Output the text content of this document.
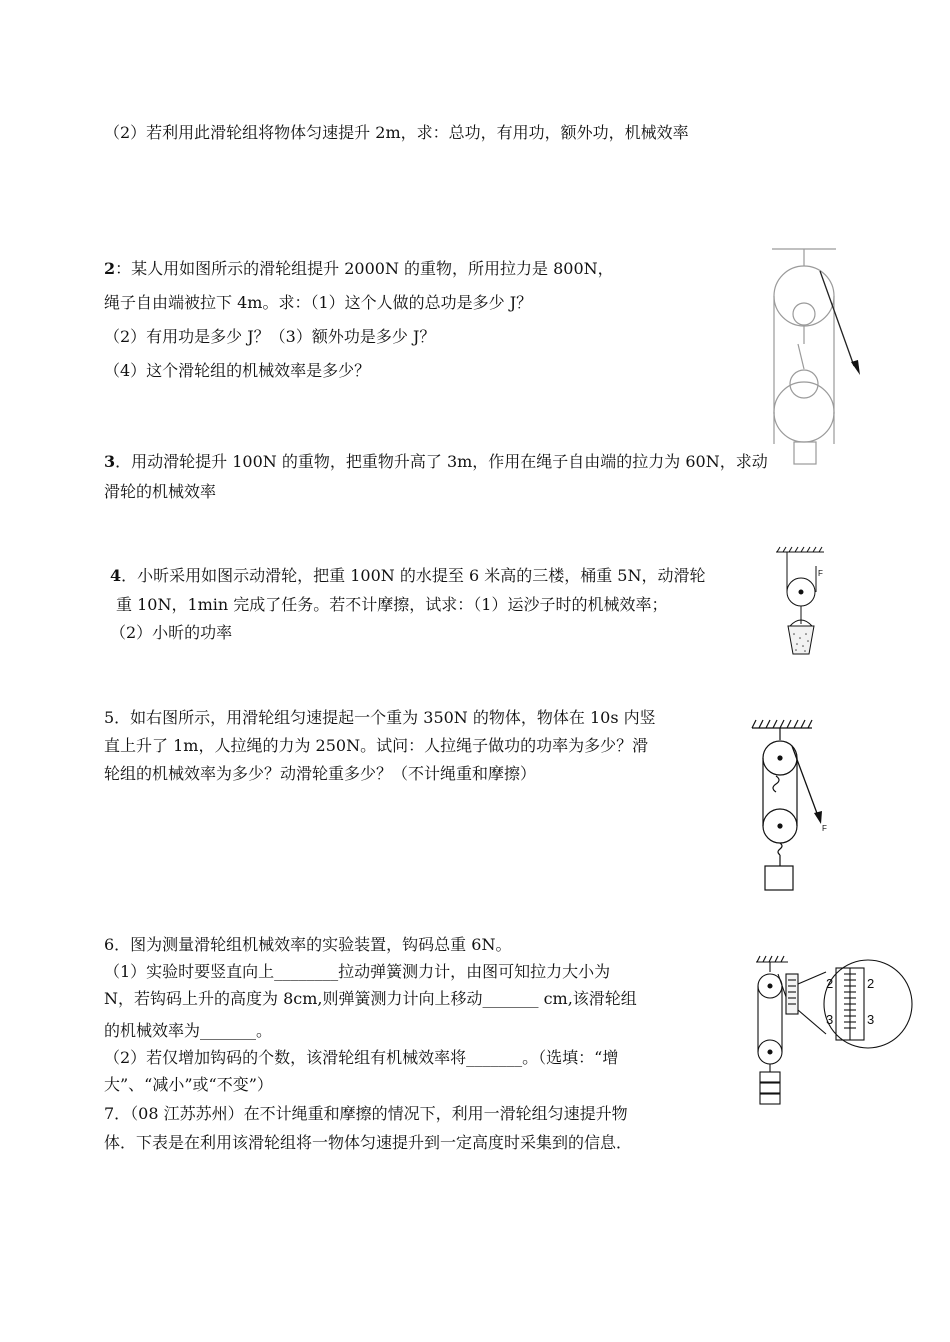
（2）若利用此滑轮组将物体匀速提升 2m，求：总功，有用功，额外功，机械效率
2：某人用如图所示的滑轮组提升 2000N 的重物，所用拉力是 800N，
绳子自由端被拉下 4m。求：（1）这个人做的总功是多少 J？
（2）有用功是多少 J？（3）额外功是多少 J？
（4）这个滑轮组的机械效率是多少？
3．用动滑轮提升 100N 的重物，把重物升高了 3m，作用在绳子自由端的拉力为 60N，求动
滑轮的机械效率
4．小昕采用如图示动滑轮，把重 100N 的水提至 6 米高的三楼，桶重 5N，动滑轮
重 10N，1min 完成了任务。若不计摩擦，试求：（1）运沙子时的机械效率；
（2）小昕的功率
F
5．如右图所示，用滑轮组匀速提起一个重为 350N 的物体，物体在 10s 内竖
直上升了 1m，人拉绳的力为 250N。试问：人拉绳子做功的功率为多少？滑
轮组的机械效率为多少？动滑轮重多少？（不计绳重和摩擦）
F
6．图为测量滑轮组机械效率的实验装置，钩码总重 6N。
（1）实验时要竖直向上________拉动弹簧测力计，由图可知拉力大小为
N，若钩码上升的高度为 8cm,则弹簧测力计向上移动_______ cm,该滑轮组
的机械效率为_______。
（2）若仅增加钩码的个数，该滑轮组有机械效率将_______。（选填：“增
大”、“减小”或“不变”）
2	2
3	3
7．（08 江苏苏州）在不计绳重和摩擦的情况下，利用一滑轮组匀速提升物
体．下表是在利用该滑轮组将一物体匀速提升到一定高度时采集到的信息．
